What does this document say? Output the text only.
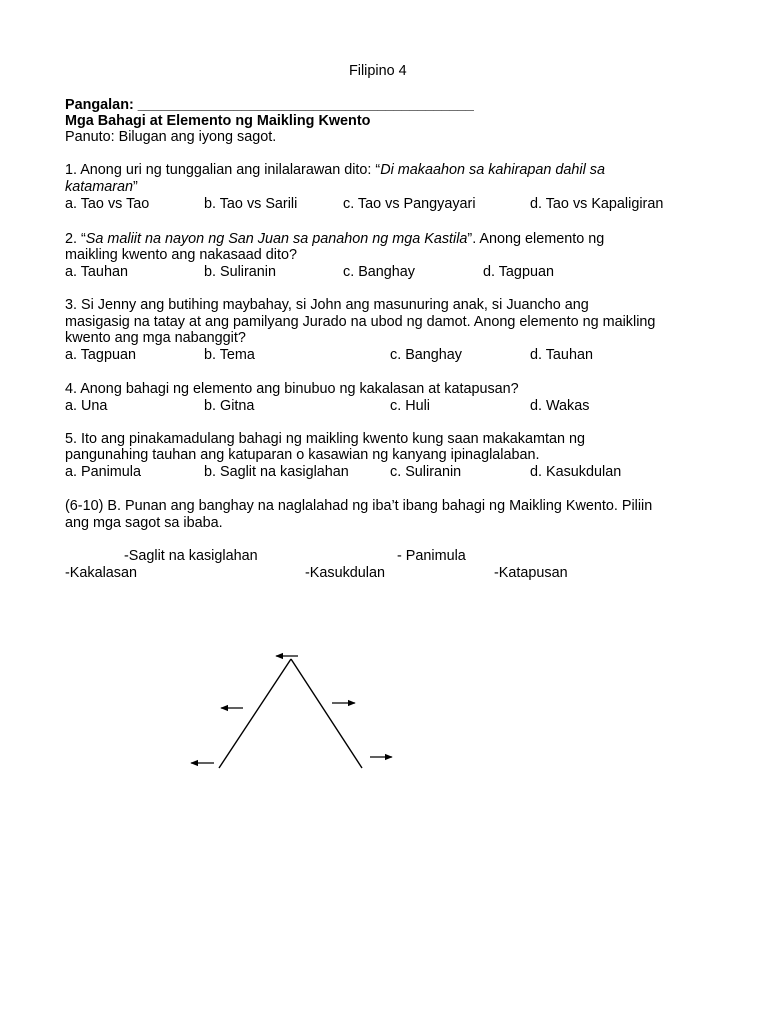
Filipino 4
Pangalan: __________________________________________
Mga Bahagi at Elemento ng Maikling Kwento
Panuto: Bilugan ang iyong sagot.
1. Anong uri ng tunggalian ang inilalarawan dito: “Di makaahon sa kahirapan dahil sa
katamaran”
a. Tao vs Tao	b. Tao vs Sarili	c. Tao vs Pangyayari	d. Tao vs Kapaligiran
2. “Sa maliit na nayon ng San Juan sa panahon ng mga Kastila”. Anong elemento ng
maikling kwento ang nakasaad dito?
a. Tauhan	b. Suliranin	c. Banghay	d. Tagpuan
3. Si Jenny ang butihing maybahay, si John ang masunuring anak, si Juancho ang
masigasig na tatay at ang pamilyang Jurado na ubod ng damot. Anong elemento ng maikling
kwento ang mga nabanggit?
a. Tagpuan	b. Tema	c. Banghay	d. Tauhan
4. Anong bahagi ng elemento ang binubuo ng kakalasan at katapusan?
a. Una	b. Gitna	c. Huli	d. Wakas
5. Ito ang pinakamadulang bahagi ng maikling kwento kung saan makakamtan ng
pangunahing tauhan ang katuparan o kasawian ng kanyang ipinaglalaban.
a. Panimula	b. Saglit na kasiglahan	c. Suliranin	d. Kasukdulan
(6-10) B. Punan ang banghay na naglalahad ng iba’t ibang bahagi ng Maikling Kwento. Piliin
ang mga sagot sa ibaba.
-Saglit na kasiglahan	- Panimula
-Kakalasan	-Kasukdulan	-Katapusan
